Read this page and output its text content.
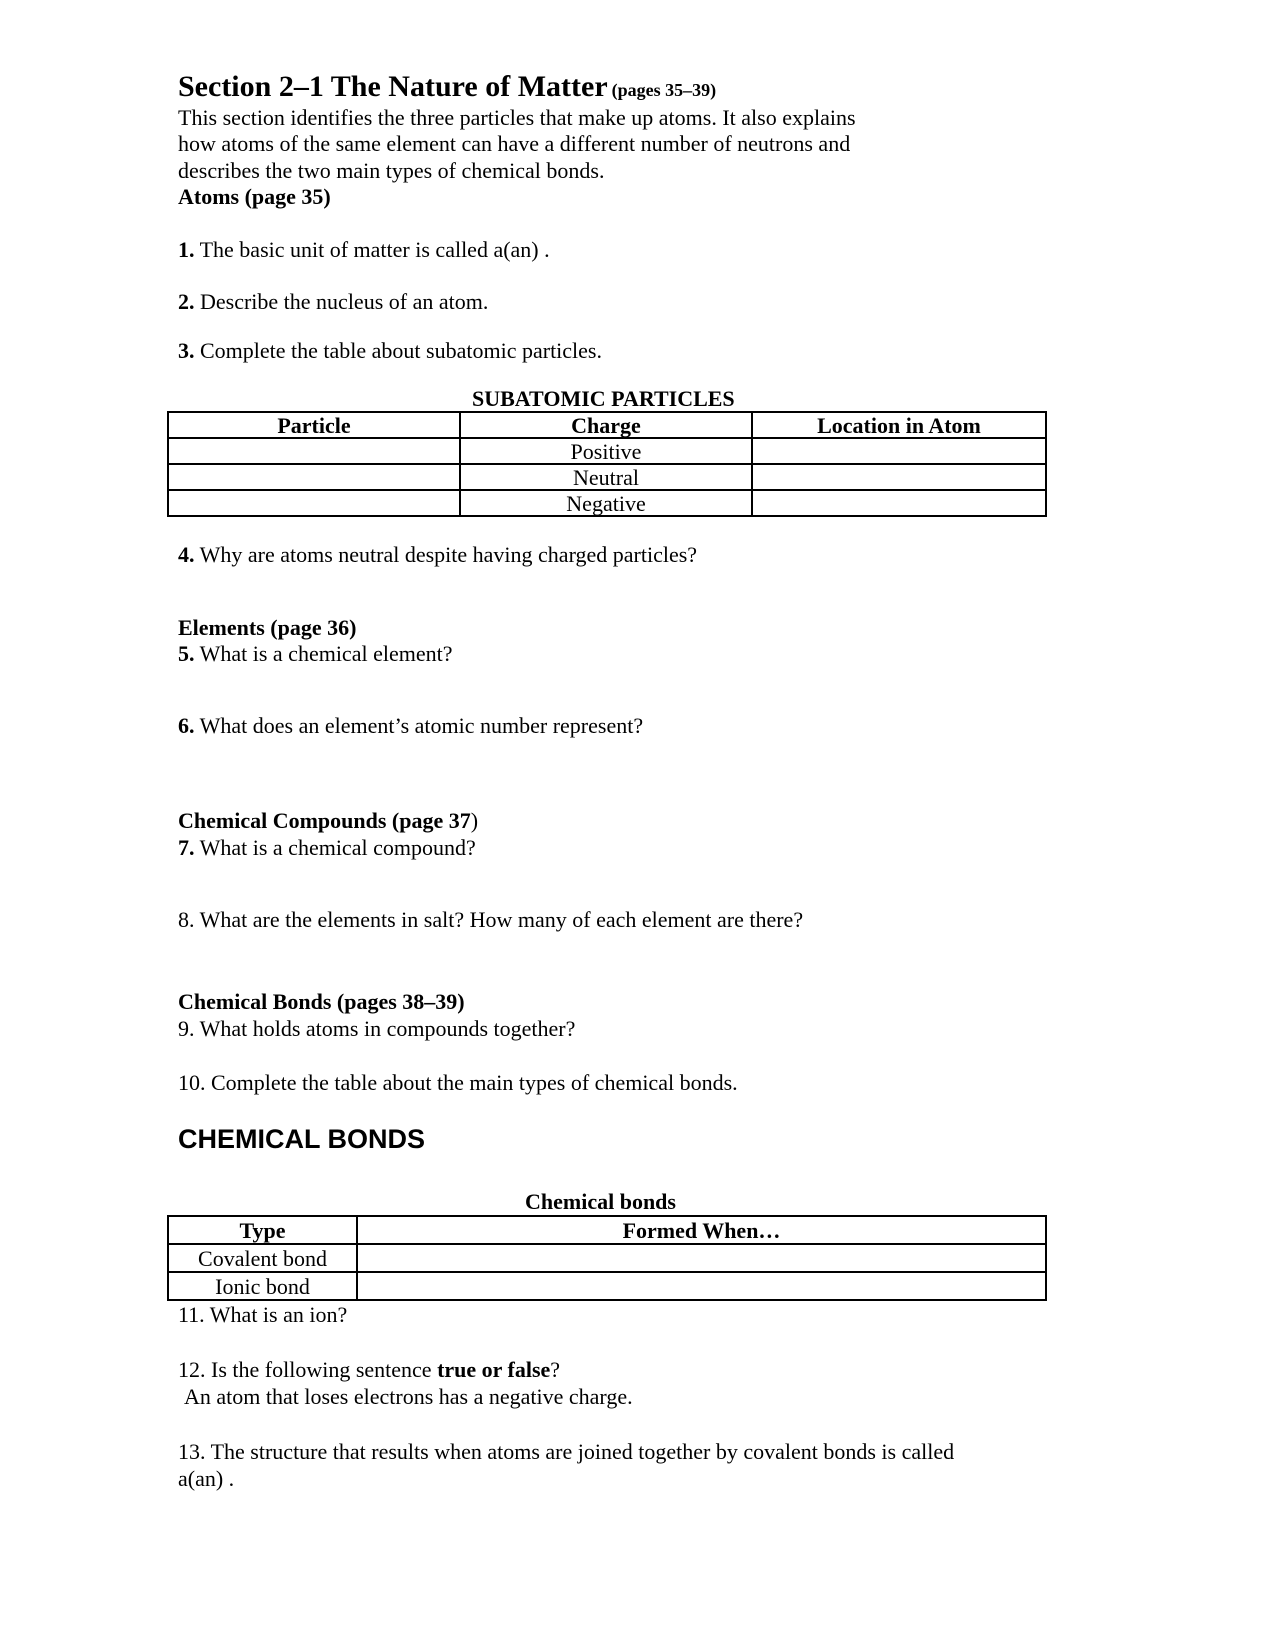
Section 2–1 The Nature of Matter (pages 35–39)
This section identifies the three particles that make up atoms. It also explains
how atoms of the same element can have a different number of neutrons and
describes the two main types of chemical bonds.
Atoms (page 35)
1. The basic unit of matter is called a(an) .
2. Describe the nucleus of an atom.
3. Complete the table about subatomic particles.
SUBATOMIC PARTICLES
Particle	Charge	Location in Atom
	Positive	
	Neutral	
	Negative	
4. Why are atoms neutral despite having charged particles?
Elements (page 36)
5. What is a chemical element?
6. What does an element’s atomic number represent?
Chemical Compounds (page 37)
7. What is a chemical compound?
8. What are the elements in salt? How many of each element are there?
Chemical Bonds (pages 38–39)
9. What holds atoms in compounds together?
10. Complete the table about the main types of chemical bonds.
CHEMICAL BONDS
Chemical bonds
Type	Formed When…
Covalent bond	
Ionic bond	
11. What is an ion?
12. Is the following sentence true or false?
An atom that loses electrons has a negative charge.
13. The structure that results when atoms are joined together by covalent bonds is called
a(an) .
